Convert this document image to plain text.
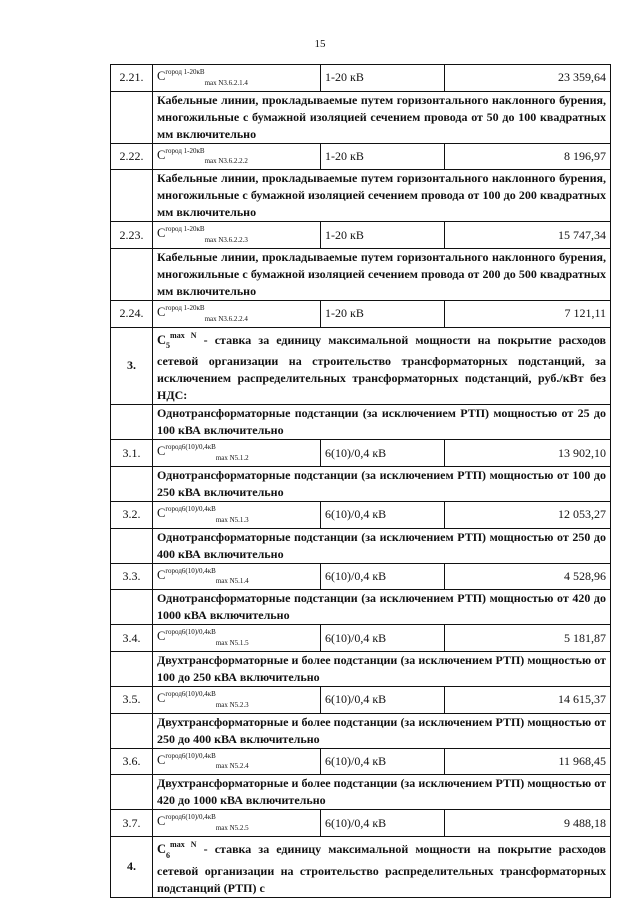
15
2.21.	$C^{город 1-20кВ}_{max N3.6.2.1.4}$	1-20 кВ	23 359,64
	Кабельные линии, прокладываемые путем горизонтального наклонного бурения, многожильные с бумажной изоляцией сечением провода от 50 до 100 квадратных мм включительно		
2.22.	$C^{город 1-20кВ}_{max N3.6.2.2.2}$	1-20 кВ	8 196,97
	Кабельные линии, прокладываемые путем горизонтального наклонного бурения, многожильные с бумажной изоляцией сечением провода от 100 до 200 квадратных мм включительно		
2.23.	$C^{город 1-20кВ}_{max N3.6.2.2.3}$	1-20 кВ	15 747,34
	Кабельные линии, прокладываемые путем горизонтального наклонного бурения, многожильные с бумажной изоляцией сечением провода от 200 до 500 квадратных мм включительно		
2.24.	$C^{город 1-20кВ}_{max N3.6.2.2.4}$	1-20 кВ	7 121,11
3.	$C_5^{max N}$ - ставка за единицу максимальной мощности на покрытие расходов сетевой организации на строительство трансформаторных подстанций, за исключением распределительных трансформаторных подстанций, руб./кВт без НДС:		
	Однотрансформаторные подстанции (за исключением РТП) мощностью от 25 до 100 кВА включительно		
3.1.	$C^{город6(10)/0,4кВ}_{max N5.1.2}$	6(10)/0,4 кВ	13 902,10
	Однотрансформаторные подстанции (за исключением РТП) мощностью от 100 до 250 кВА включительно		
3.2.	$C^{город6(10)/0,4кВ}_{max N5.1.3}$	6(10)/0,4 кВ	12 053,27
	Однотрансформаторные подстанции (за исключением РТП) мощностью от 250 до 400 кВА включительно		
3.3.	$C^{город6(10)/0,4кВ}_{max N5.1.4}$	6(10)/0,4 кВ	4 528,96
	Однотрансформаторные подстанции (за исключением РТП) мощностью от 420 до 1000 кВА включительно		
3.4.	$C^{город6(10)/0,4кВ}_{max N5.1.5}$	6(10)/0,4 кВ	5 181,87
	Двухтрансформаторные и более подстанции (за исключением РТП) мощностью от 100 до 250 кВА включительно		
3.5.	$C^{город6(10)/0,4кВ}_{max N5.2.3}$	6(10)/0,4 кВ	14 615,37
	Двухтрансформаторные и более подстанции (за исключением РТП) мощностью от 250 до 400 кВА включительно		
3.6.	$C^{город6(10)/0,4кВ}_{max N5.2.4}$	6(10)/0,4 кВ	11 968,45
	Двухтрансформаторные и более подстанции (за исключением РТП) мощностью от 420 до 1000 кВА включительно		
3.7.	$C^{город6(10)/0,4кВ}_{max N5.2.5}$	6(10)/0,4 кВ	9 488,18
4.	$C_6^{max N}$ - ставка за единицу максимальной мощности на покрытие расходов сетевой организации на строительство распределительных трансформаторных подстанций (РТП) с		
